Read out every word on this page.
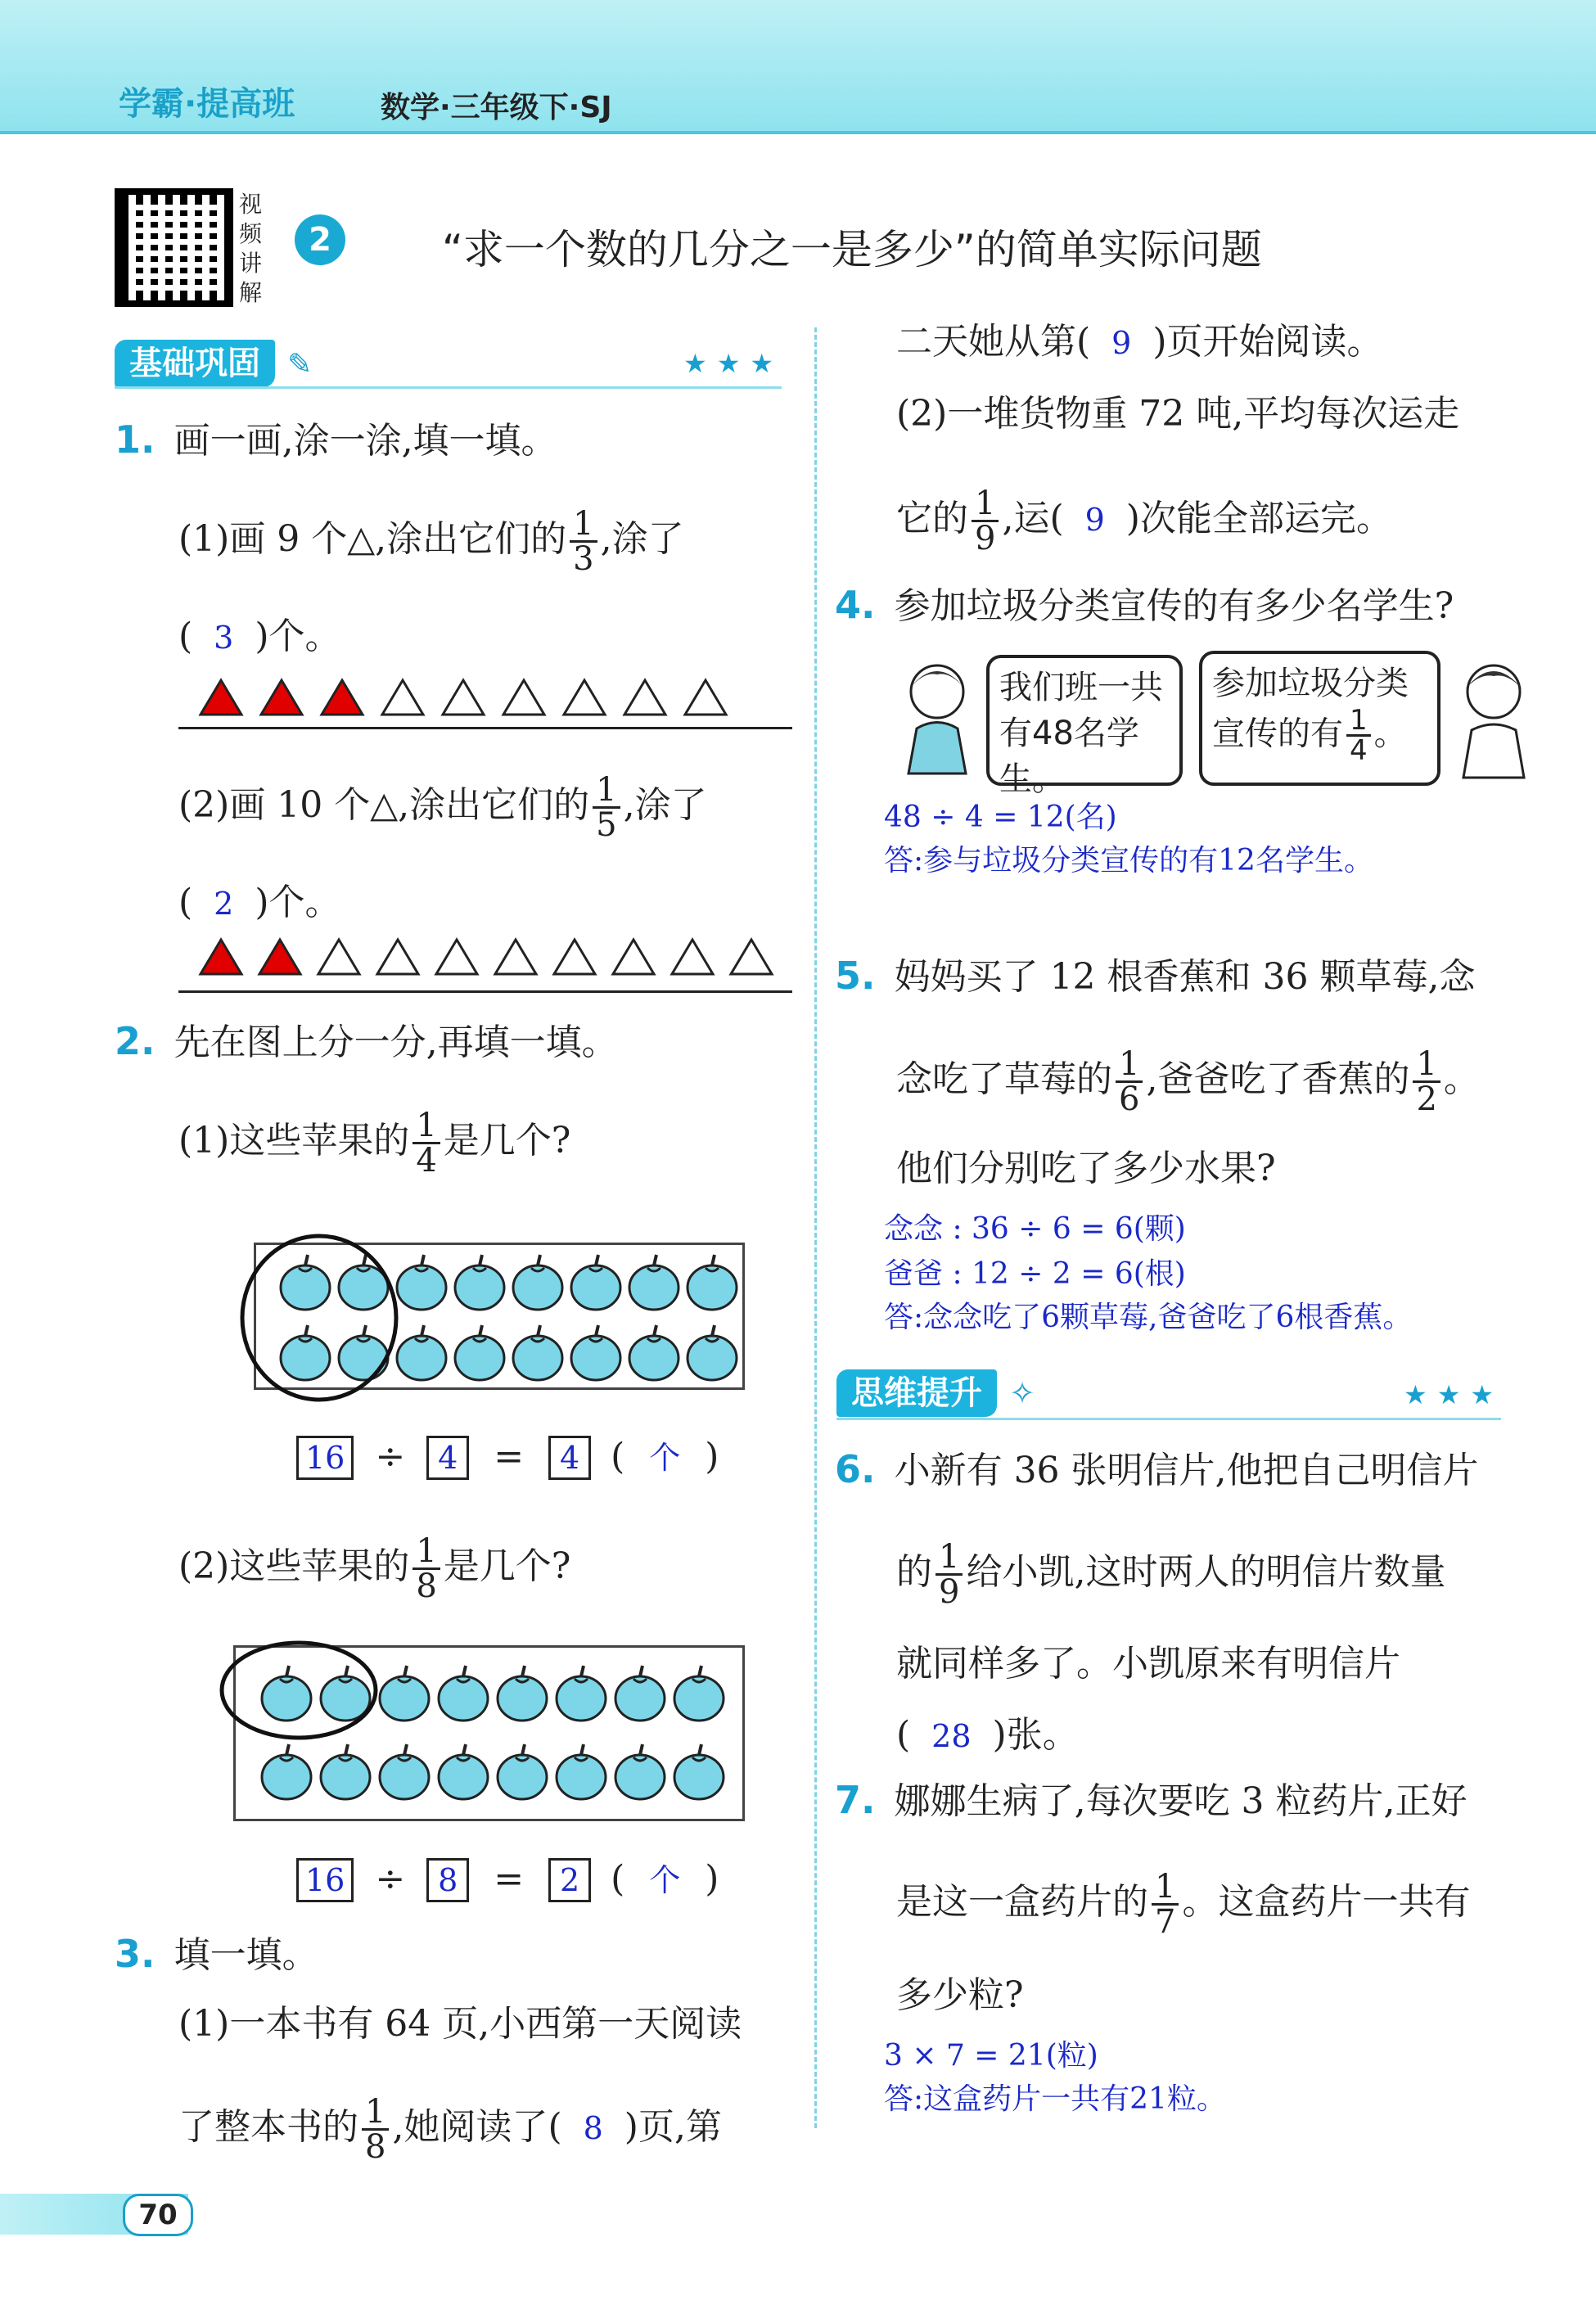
学霸·提高班	数学·三年级下·SJ
视频讲解
2	“求一个数的几分之一是多少”的简单实际问题
基础巩固 ✎	★★★
1. 画一画,涂一涂,填一填。
(1)画 9 个△,涂出它们的 $\frac{1}{3}$ ,涂了
( 3 )个。
(2)画 10 个△,涂出它们的 $\frac{1}{5}$ ,涂了
( 2 )个。
2. 先在图上分一分,再填一填。
(1)这些苹果的 $\frac{1}{4}$ 是几个?
16 ÷ 4 = 4 ( 个 )
(2)这些苹果的 $\frac{1}{8}$ 是几个?
16 ÷ 8 = 2 ( 个 )
3. 填一填。
(1)一本书有 64 页,小西第一天阅读
了整本书的 $\frac{1}{8}$ ,她阅读了( 8 )页,第
二天她从第( 9 )页开始阅读。
(2)一堆货物重 72 吨,平均每次运走
它的 $\frac{1}{9}$ ,运( 9 )次能全部运完。
4. 参加垃圾分类宣传的有多少名学生?
我们班一共
有48名学生。
参加垃圾分类
宣传的有 $\frac{1}{4}$ 。
48 ÷ 4 = 12(名)
答:参与垃圾分类宣传的有12名学生。
5. 妈妈买了 12 根香蕉和 36 颗草莓,念
念吃了草莓的 $\frac{1}{6}$ ,爸爸吃了香蕉的 $\frac{1}{2}$ 。
他们分别吃了多少水果?
念念 : 36 ÷ 6 = 6(颗)
爸爸 : 12 ÷ 2 = 6(根)
答:念念吃了6颗草莓,爸爸吃了6根香蕉。
思维提升 ✧	★★★
6. 小新有 36 张明信片,他把自己明信片
的 $\frac{1}{9}$ 给小凯,这时两人的明信片数量
就同样多了。小凯原来有明信片
( 28 )张。
7. 娜娜生病了,每次要吃 3 粒药片,正好
是这一盒药片的 $\frac{1}{7}$ 。这盒药片一共有
多少粒?
3 × 7 = 21(粒)
答:这盒药片一共有21粒。
70
